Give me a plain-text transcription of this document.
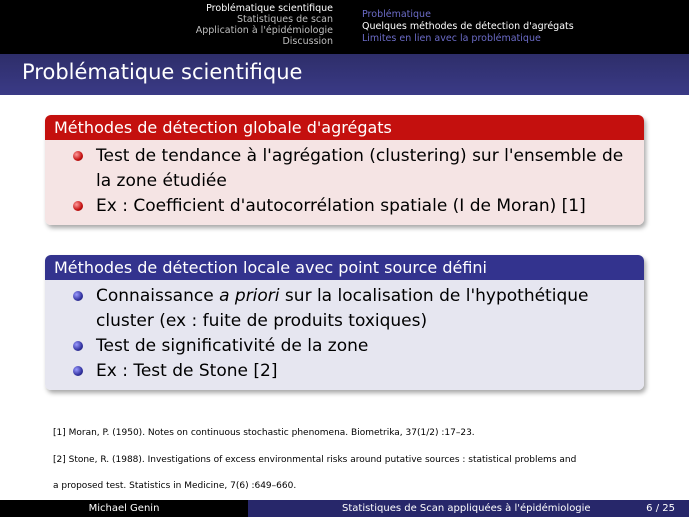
Problématique scientifique
Statistiques de scan
Application à l'épidémiologie
Discussion
Problématique
Quelques méthodes de détection d'agrégats
Limites en lien avec la problématique
Problématique scientifique
Méthodes de détection globale d'agrégats
Test de tendance à l'agrégation (clustering) sur l'ensemble de la zone étudiée
Ex : Coefficient d'autocorrélation spatiale (I de Moran) [1]
Méthodes de détection locale avec point source défini
Connaissance a priori sur la localisation de l'hypothétique cluster (ex : fuite de produits toxiques)
Test de significativité de la zone
Ex : Test de Stone [2]
[1] Moran, P. (1950). Notes on continuous stochastic phenomena. Biometrika, 37(1/2) :17–23.
[2] Stone, R. (1988). Investigations of excess environmental risks around putative sources : statistical problems and
a proposed test. Statistics in Medicine, 7(6) :649–660.
Michael Genin	Statistiques de Scan appliquées à l'épidémiologie	6 / 25
